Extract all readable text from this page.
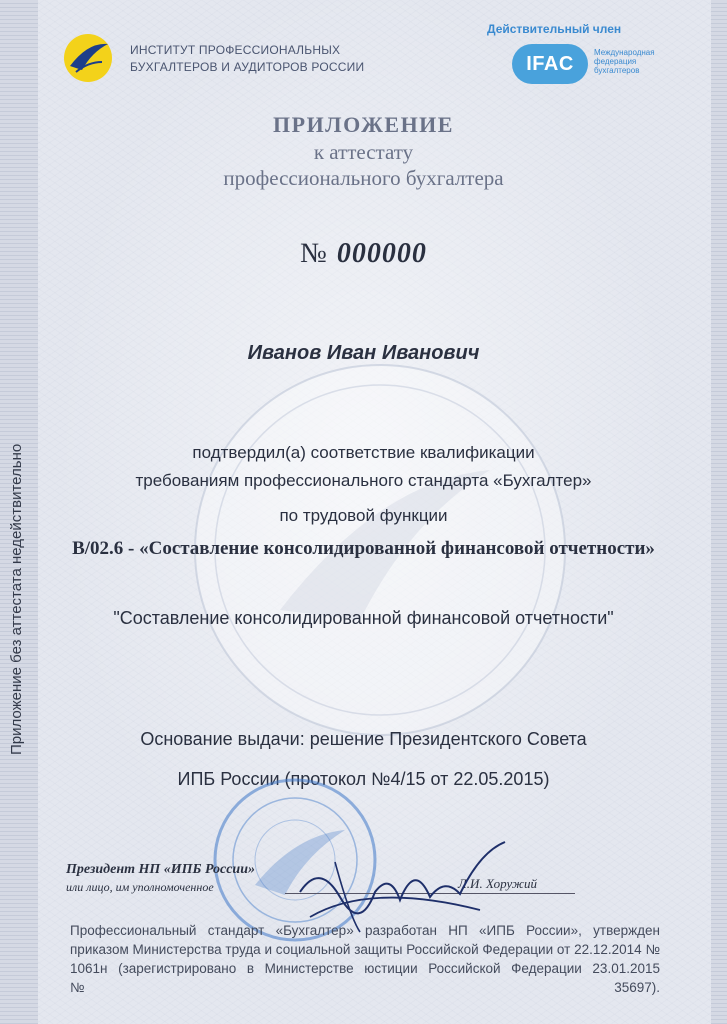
Приложение без аттестата недействительно
ИНСТИТУТ ПРОФЕССИОНАЛЬНЫХ
БУХГАЛТЕРОВ И АУДИТОРОВ РОССИИ
Действительный член
IFAC
Международная
федерация
бухгалтеров
ПРИЛОЖЕНИЕ
к аттестату
профессионального бухгалтера
№ 000000
Иванов Иван Иванович
подтвердил(а) соответствие квалификации
требованиям профессионального стандарта «Бухгалтер»
по трудовой функции
В/02.6 - «Составление консолидированной финансовой отчетности»
"Составление консолидированной финансовой отчетности"
Основание выдачи: решение Президентского Совета
ИПБ России (протокол №4/15 от 22.05.2015)
Президент НП «ИПБ России»
или лицо, им уполномоченное	Л.И. Хоружий
Профессиональный стандарт «Бухгалтер» разработан НП «ИПБ России», утвержден приказом Министерства труда и социальной защиты Российской Федерации от 22.12.2014 № 1061н (зарегистрировано в Министерстве юстиции Российской Федерации 23.01.2015 №35697).
